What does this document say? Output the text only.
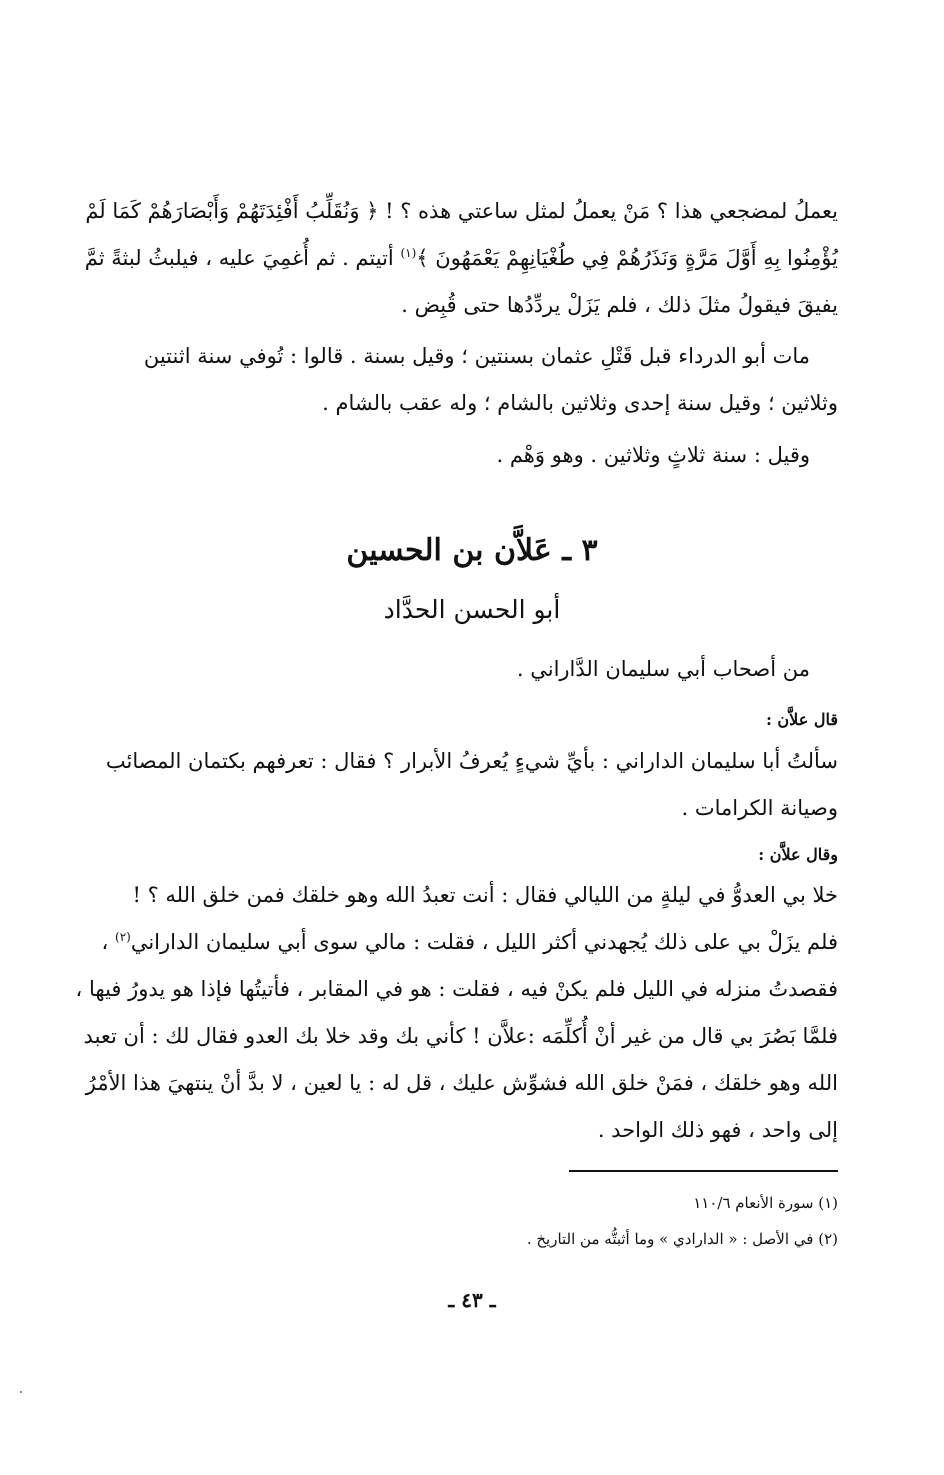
يعملُ لمضجعي هذا ؟ مَنْ يعملُ لمثل ساعتي هذه ؟ ! ﴿ وَنُقَلِّبُ أَفْئِدَتَهُمْ وَأَبْصَارَهُمْ كَمَا لَمْ
يُؤْمِنُوا بِهِ أَوَّلَ مَرَّةٍ وَنَذَرُهُمْ فِي طُغْيَانِهِمْ يَعْمَهُونَ ﴾$^{(١)}$ أتيتم . ثم أُغمِيَ عليه ، فيلبثُ لبثةً ثمَّ
يفيقَ فيقولُ مثلَ ذلك ، فلم يَزَلْ يردِّدُها حتى قُبِض .
مات أبو الدرداء قبل قَتْلِ عثمان بسنتين ؛ وقيل بسنة . قالوا : تُوفي سنة اثنتين
وثلاثين ؛ وقيل سنة إحدى وثلاثين بالشام ؛ وله عقب بالشام .
وقيل : سنة ثلاثٍ وثلاثين . وهو وَهْم .
٣ ـ عَلاَّن بن الحسين
أبو الحسن الحدَّاد
من أصحاب أبي سليمان الدَّاراني .
قال علاَّن :
سألتُ أبا سليمان الداراني : بأيِّ شيءٍ يُعرفُ الأبرار ؟ فقال : تعرفهم بكتمان المصائب
وصيانة الكرامات .
وقال علاَّن :
خلا بي العدوُّ في ليلةٍ من الليالي فقال : أنت تعبدُ الله وهو خلقك فمن خلق الله ؟ !
فلم يزَلْ بي على ذلك يُجهدني أكثر الليل ، فقلت : مالي سوى أبي سليمان الداراني$^{(٢)}$ ،
فقصدتُ منزله في الليل فلم يكنْ فيه ، فقلت : هو في المقابر ، فأتيتُها فإذا هو يدورُ فيها ،
فلمَّا بَصُرَ بي قال من غير أنْ أُكلِّمَه :علاَّن ! كأني بك وقد خلا بك العدو فقال لك : أن تعبد
الله وهو خلقك ، فمَنْ خلق الله فشوِّش عليك ، قل له : يا لعين ، لا بدَّ أنْ ينتهيَ هذا الأمْرُ
إلى واحد ، فهو ذلك الواحد .
(١) سورة الأنعام ١١٠/٦
(٢) في الأصل : « الدارادي » وما أثبتُّه من التاريخ .
ـ ٤٣ ـ
